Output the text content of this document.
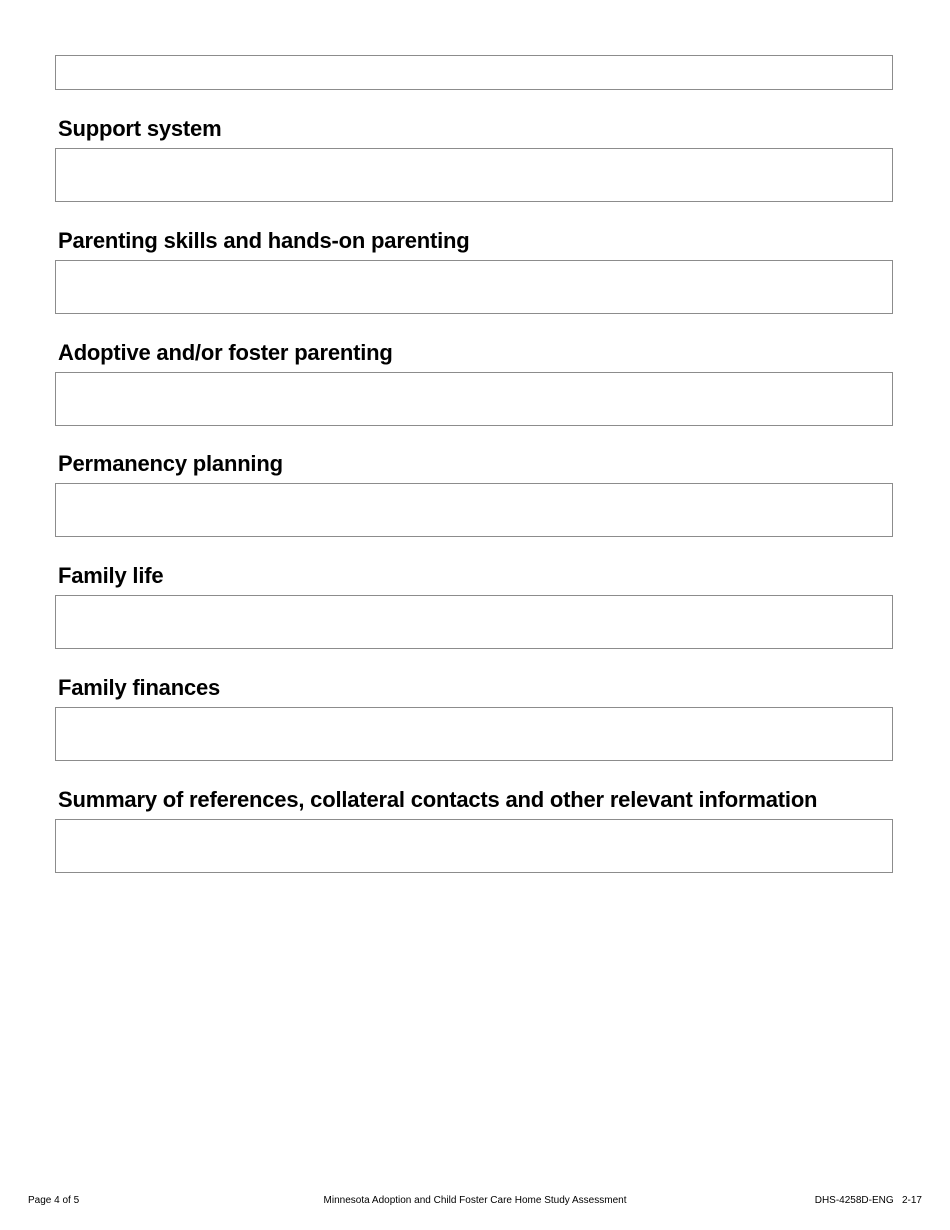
Support system
Parenting skills and hands-on parenting
Adoptive and/or foster parenting
Permanency planning
Family life
Family finances
Summary of references, collateral contacts and other relevant information
Page 4 of 5	Minnesota Adoption and Child Foster Care Home Study Assessment	DHS-4258D-ENG   2-17
